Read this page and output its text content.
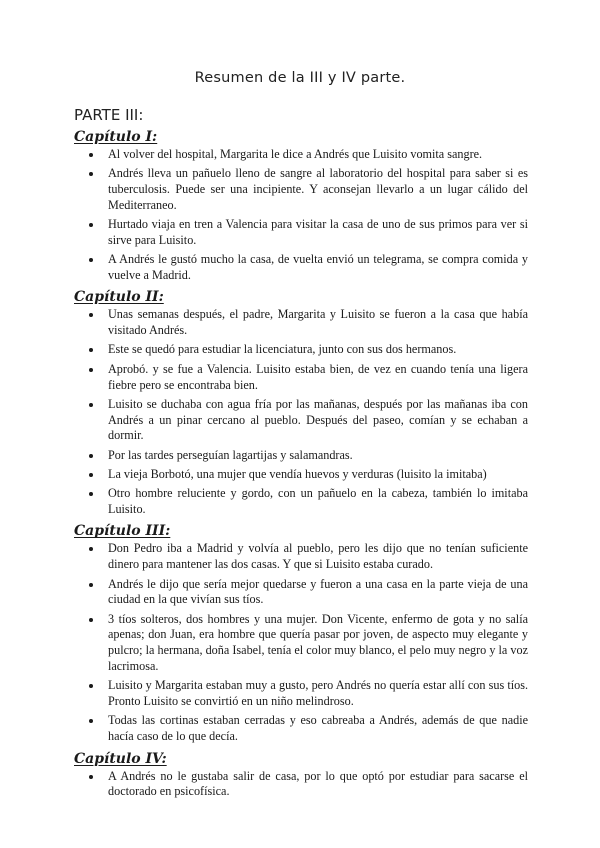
Resumen de la III y IV parte.
PARTE III:
Capítulo I:
Al volver del hospital, Margarita le dice a Andrés que Luisito vomita sangre.
Andrés lleva un pañuelo lleno de sangre al laboratorio del hospital para saber si es tuberculosis. Puede ser una incipiente. Y aconsejan llevarlo a un lugar cálido del Mediterraneo.
Hurtado viaja en tren a Valencia para visitar la casa de uno de sus primos para ver si sirve para Luisito.
A Andrés le gustó mucho la casa, de vuelta envió un telegrama, se compra comida y vuelve a Madrid.
Capítulo II:
Unas semanas después, el padre, Margarita y Luisito se fueron a la casa que había visitado Andrés.
Este se quedó para estudiar la licenciatura, junto con sus dos hermanos.
Aprobó. y se fue a Valencia. Luisito estaba bien, de vez en cuando tenía una ligera fiebre pero se encontraba bien.
Luisito se duchaba con agua fría por las mañanas, después por las mañanas iba con Andrés a un pinar cercano al pueblo. Después del paseo, comían y se echaban a dormir.
Por las tardes perseguían lagartijas y salamandras.
La vieja Borbotó, una mujer que vendía huevos y verduras (luisito la imitaba)
Otro hombre reluciente y gordo, con un pañuelo en la cabeza, también lo imitaba Luisito.
Capítulo III:
Don Pedro iba a Madrid y volvía al pueblo, pero les dijo que no tenían suficiente dinero para mantener las dos casas. Y que si Luisito estaba curado.
Andrés le dijo que sería mejor quedarse y fueron a una casa en la parte vieja de una ciudad en la que vivían sus tíos.
3 tíos solteros, dos hombres y una mujer. Don Vicente, enfermo de gota y no salía apenas; don Juan, era hombre que quería pasar por joven, de aspecto muy elegante y pulcro; la hermana, doña Isabel, tenía el color muy blanco, el pelo muy negro y la voz lacrimosa.
Luisito y Margarita estaban muy a gusto, pero Andrés no quería estar allí con sus tíos. Pronto Luisito se convirtió en un niño melindroso.
Todas las cortinas estaban cerradas y eso cabreaba a Andrés, además de que nadie hacía caso de lo que decía.
Capítulo IV:
A Andrés no le gustaba salir de casa, por lo que optó por estudiar para sacarse el doctorado en psicofísica.
